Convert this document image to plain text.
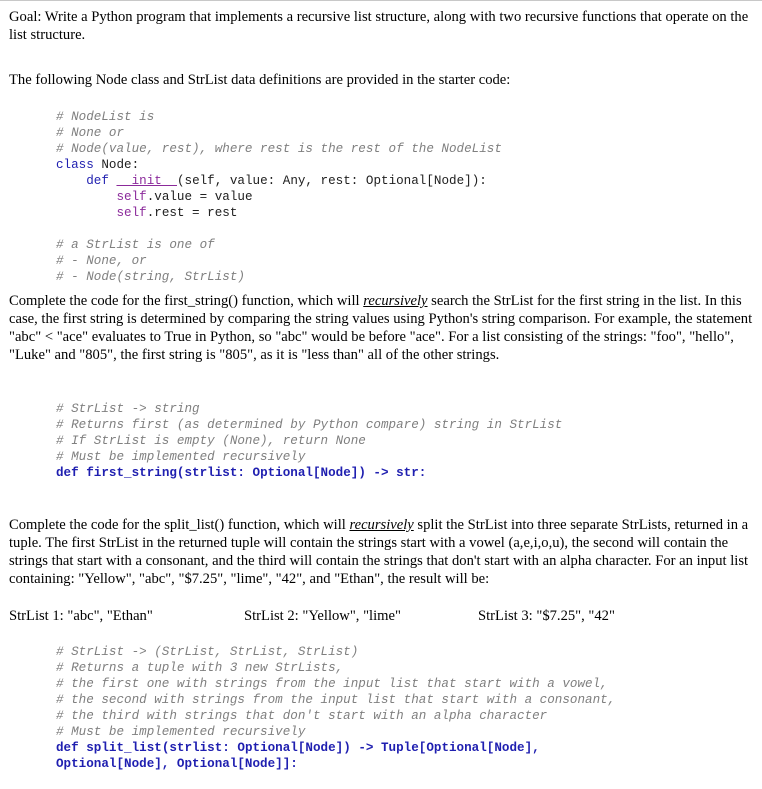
Goal: Write a Python program that implements a recursive list structure, along with two recursive functions that operate on the list structure.

The following Node class and StrList data definitions are provided in the starter code:

# NodeList is
# None or
# Node(value, rest), where rest is the rest of the NodeList
class Node:
def __init__(self, value: Any, rest: Optional[Node]):
self.value = value
self.rest = rest

# a StrList is one of
# - None, or
# - Node(string, StrList)

Complete the code for the first_string() function, which will recursively search the StrList for the first string in the list. In this case, the first string is determined by comparing the string values using Python's string comparison. For example, the statement "abc" < "ace" evaluates to True in Python, so "abc" would be before "ace". For a list consisting of the strings: "foo", "hello", "Luke" and "805", the first string is "805", as it is "less than" all of the other strings.

# StrList -> string
# Returns first (as determined by Python compare) string in StrList
# If StrList is empty (None), return None
# Must be implemented recursively
def first_string(strlist: Optional[Node]) -> str:

Complete the code for the split_list() function, which will recursively split the StrList into three separate StrLists, returned in a tuple. The first StrList in the returned tuple will contain the strings start with a vowel (a,e,i,o,u), the second will contain the strings that start with a consonant, and the third will contain the strings that don't start with an alpha character. For an input list containing: "Yellow", "abc", "$7.25", "lime", "42", and "Ethan", the result will be:

StrList 1: "abc", "Ethan"	StrList 2: "Yellow", "lime"	StrList 3: "$7.25", "42"
# StrList -> (StrList, StrList, StrList)
# Returns a tuple with 3 new StrLists,
# the first one with strings from the input list that start with a vowel,
# the second with strings from the input list that start with a consonant,
# the third with strings that don't start with an alpha character
# Must be implemented recursively
def split_list(strlist: Optional[Node]) -> Tuple[Optional[Node],
Optional[Node], Optional[Node]]:
